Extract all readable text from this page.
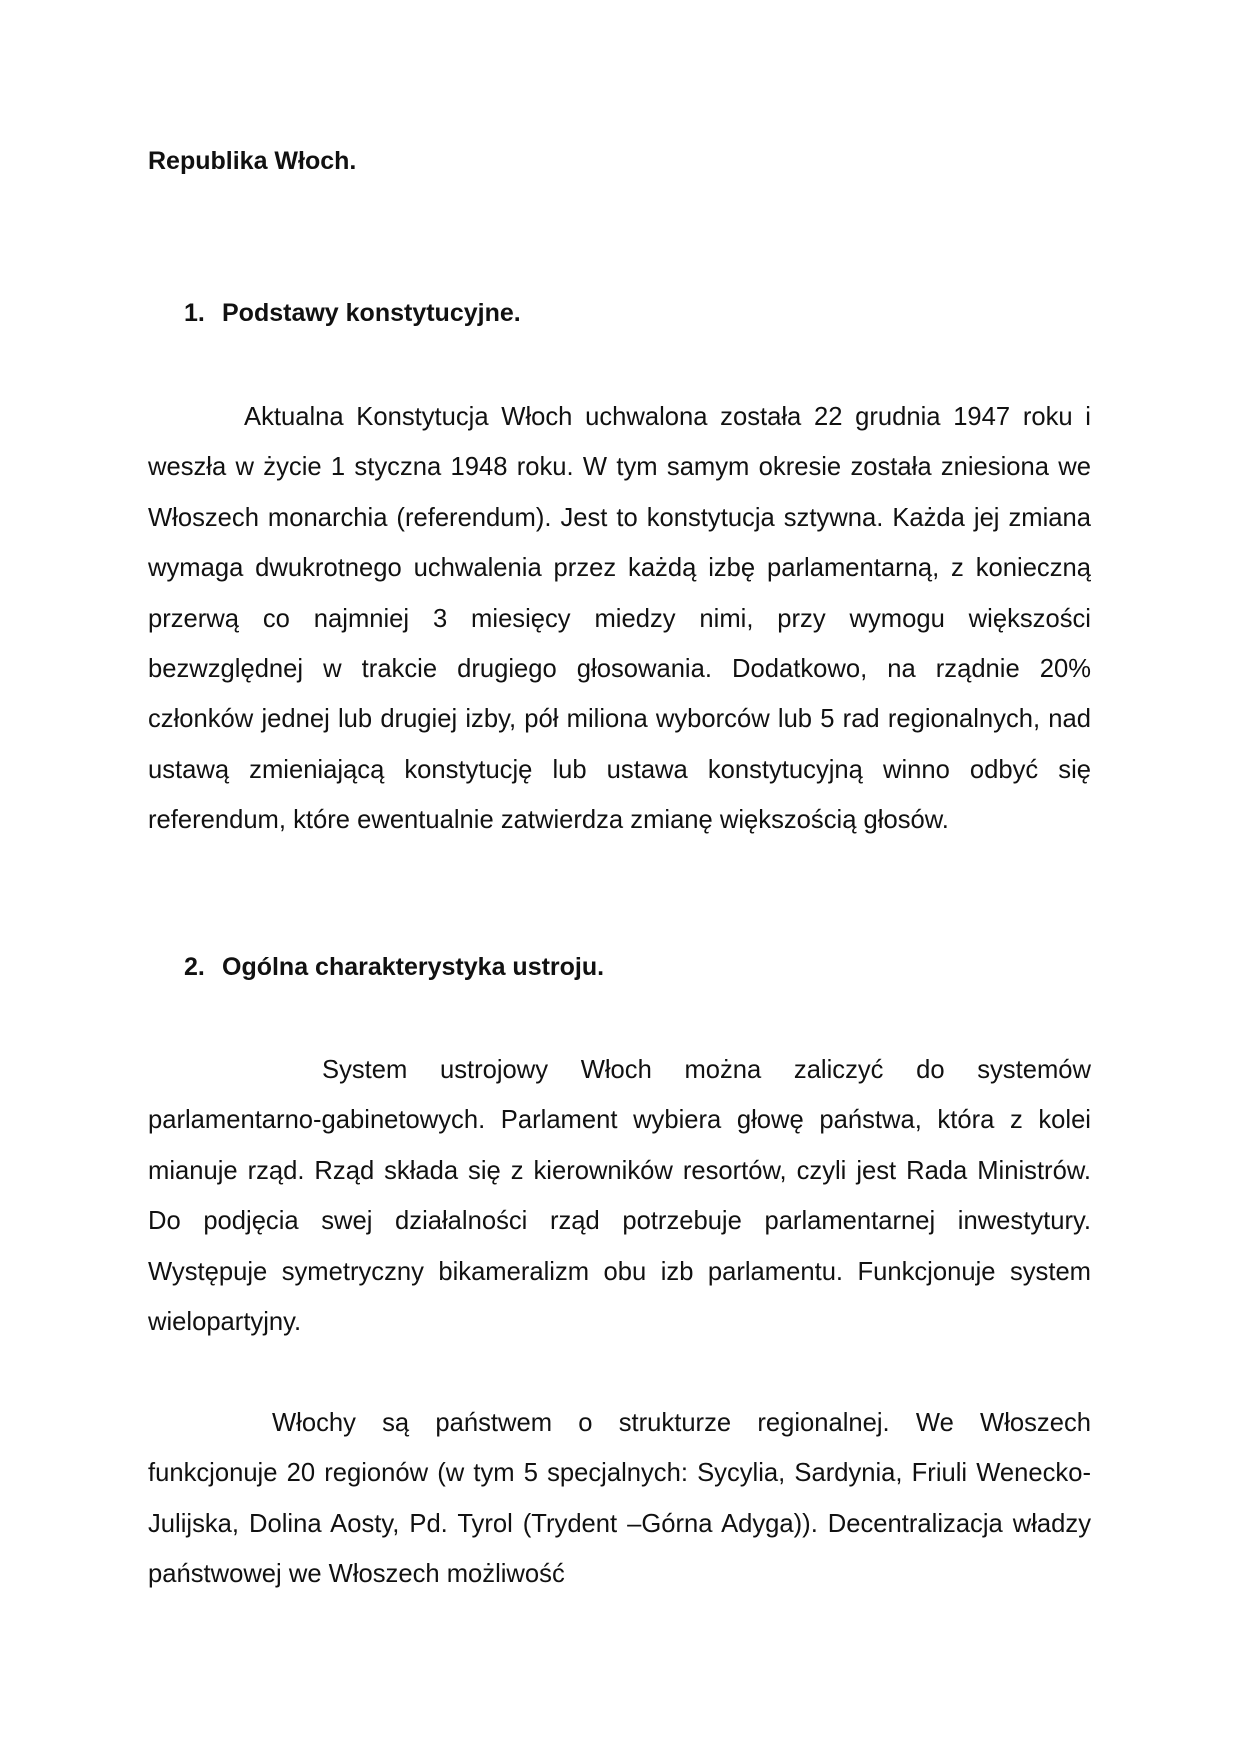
Republika Włoch.
1. Podstawy konstytucyjne.

Aktualna Konstytucja Włoch uchwalona została 22 grudnia 1947 roku i weszła w życie 1 styczna 1948 roku. W tym samym okresie została zniesiona we Włoszech monarchia (referendum). Jest to konstytucja sztywna. Każda jej zmiana wymaga dwukrotnego uchwalenia przez każdą izbę parlamentarną, z konieczną przerwą co najmniej 3 miesięcy miedzy nimi, przy wymogu większości bezwzględnej w trakcie drugiego głosowania. Dodatkowo, na rządnie 20% członków jednej lub drugiej izby, pół miliona wyborców lub 5 rad regionalnych, nad ustawą zmieniającą konstytucję lub ustawa konstytucyjną winno odbyć się referendum, które ewentualnie zatwierdza zmianę większością głosów.

2. Ogólna charakterystyka ustroju.

System ustrojowy Włoch można zaliczyć do systemów parlamentarno-gabinetowych. Parlament wybiera głowę państwa, która z kolei mianuje rząd. Rząd składa się z kierowników resortów, czyli jest Rada Ministrów. Do podjęcia swej działalności rząd potrzebuje parlamentarnej inwestytury. Występuje symetryczny bikameralizm obu izb parlamentu. Funkcjonuje system wielopartyjny.

Włochy są państwem o strukturze regionalnej. We Włoszech funkcjonuje 20 regionów (w tym 5 specjalnych: Sycylia, Sardynia, Friuli Wenecko-Julijska, Dolina Aosty, Pd. Tyrol (Trydent –Górna Adyga)). Decentralizacja władzy państwowej we Włoszech możliwość
